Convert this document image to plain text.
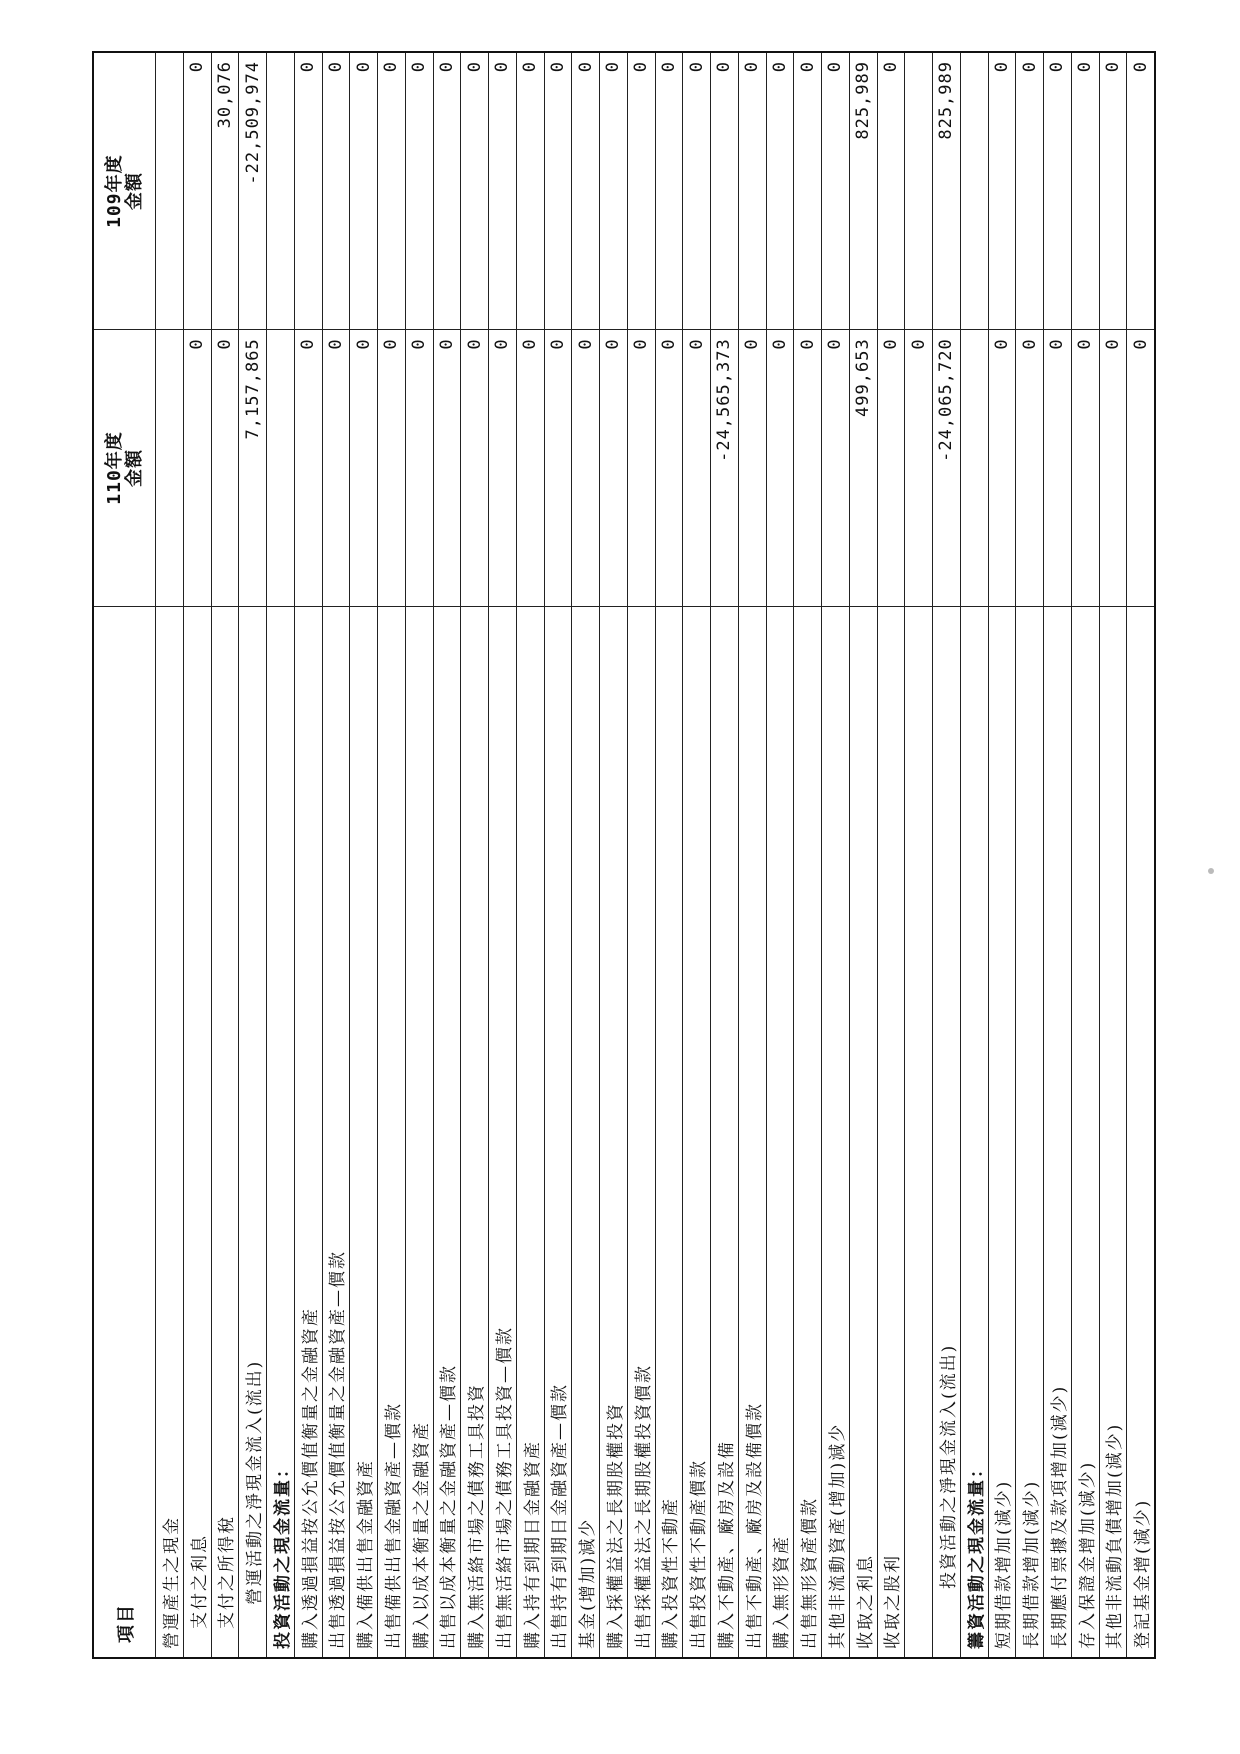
項目
110年度 金額
109年度 金額
營運產生之現金 支付之利息
0
0
支付之所得稅
0
30,076
營運活動之淨現金流入(流出)
7,157,865
-22,509,974
投資活動之現金流量： 購入透過損益按公允價值衡量之金融資產
0
0
出售透過損益按公允價值衡量之金融資產—價款
0
0
購入備供出售金融資產
0
0
出售備供出售金融資產—價款
0
0
購入以成本衡量之金融資產
0
0
出售以成本衡量之金融資產—價款
0
0
購入無活絡市場之債務工具投資
0
0
出售無活絡市場之債務工具投資—價款
0
0
購入持有到期日金融資產
0
0
出售持有到期日金融資產—價款
0
0
基金(增加)減少
0
0
購入採權益法之長期股權投資
0
0
出售採權益法之長期股權投資價款
0
0
購入投資性不動產
0
0
出售投資性不動產價款
0
0
購入不動產、廠房及設備
-24,565,373
0
出售不動產、廠房及設備價款
0
0
購入無形資產
0
0
出售無形資產價款
0
0
其他非流動資產(增加)減少
0
0
收取之利息
499,653
825,989
收取之股利
0
0
0
投資活動之淨現金流入(流出)
-24,065,720
825,989
籌資活動之現金流量： 短期借款增加(減少)
0
0
長期借款增加(減少)
0
0
長期應付票據及款項增加(減少)
0
0
存入保證金增加(減少)
0
0
其他非流動負債增加(減少)
0
0
登記基金增(減少)
0
0
